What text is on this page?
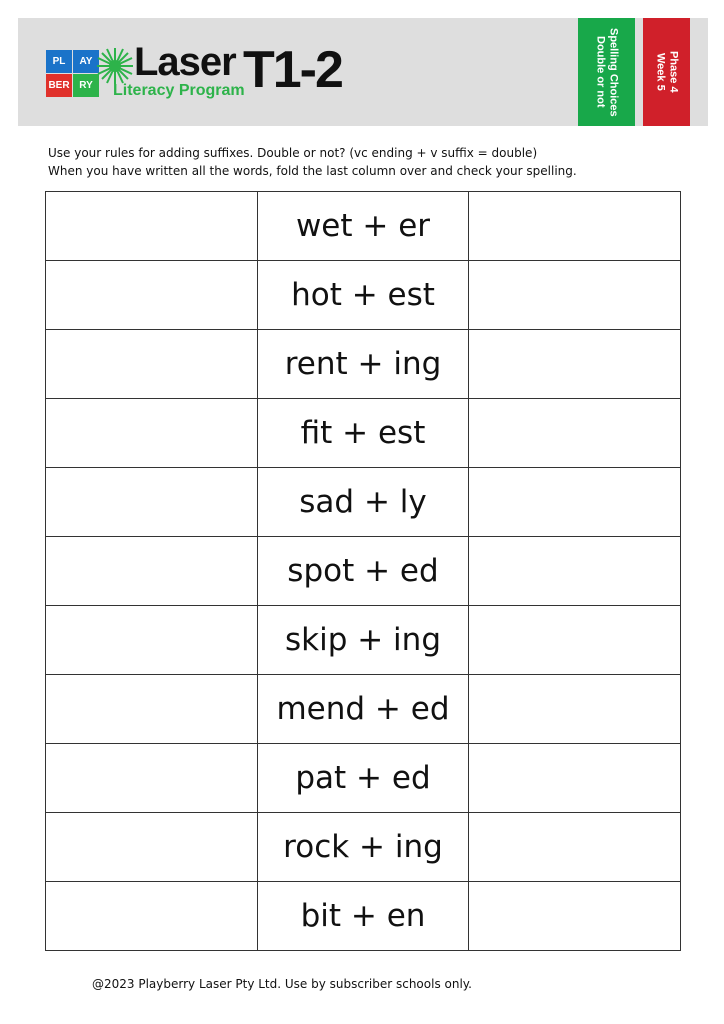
PL	AY
BER RY
Laser
Literacy Program
T1-2	Spelling Choices
Double or not	Phase 4
Week 5
Use your rules for adding suffixes. Double or not? (vc ending + v suffix = double)
When you have written all the words, fold the last column over and check your spelling.
	wet + er	
	hot + est	
	rent + ing	
	fit + est	
	sad + ly	
	spot + ed	
	skip + ing	
	mend + ed	
	pat + ed	
	rock + ing	
	bit + en	
@2023 Playberry Laser Pty Ltd. Use by subscriber schools only.
